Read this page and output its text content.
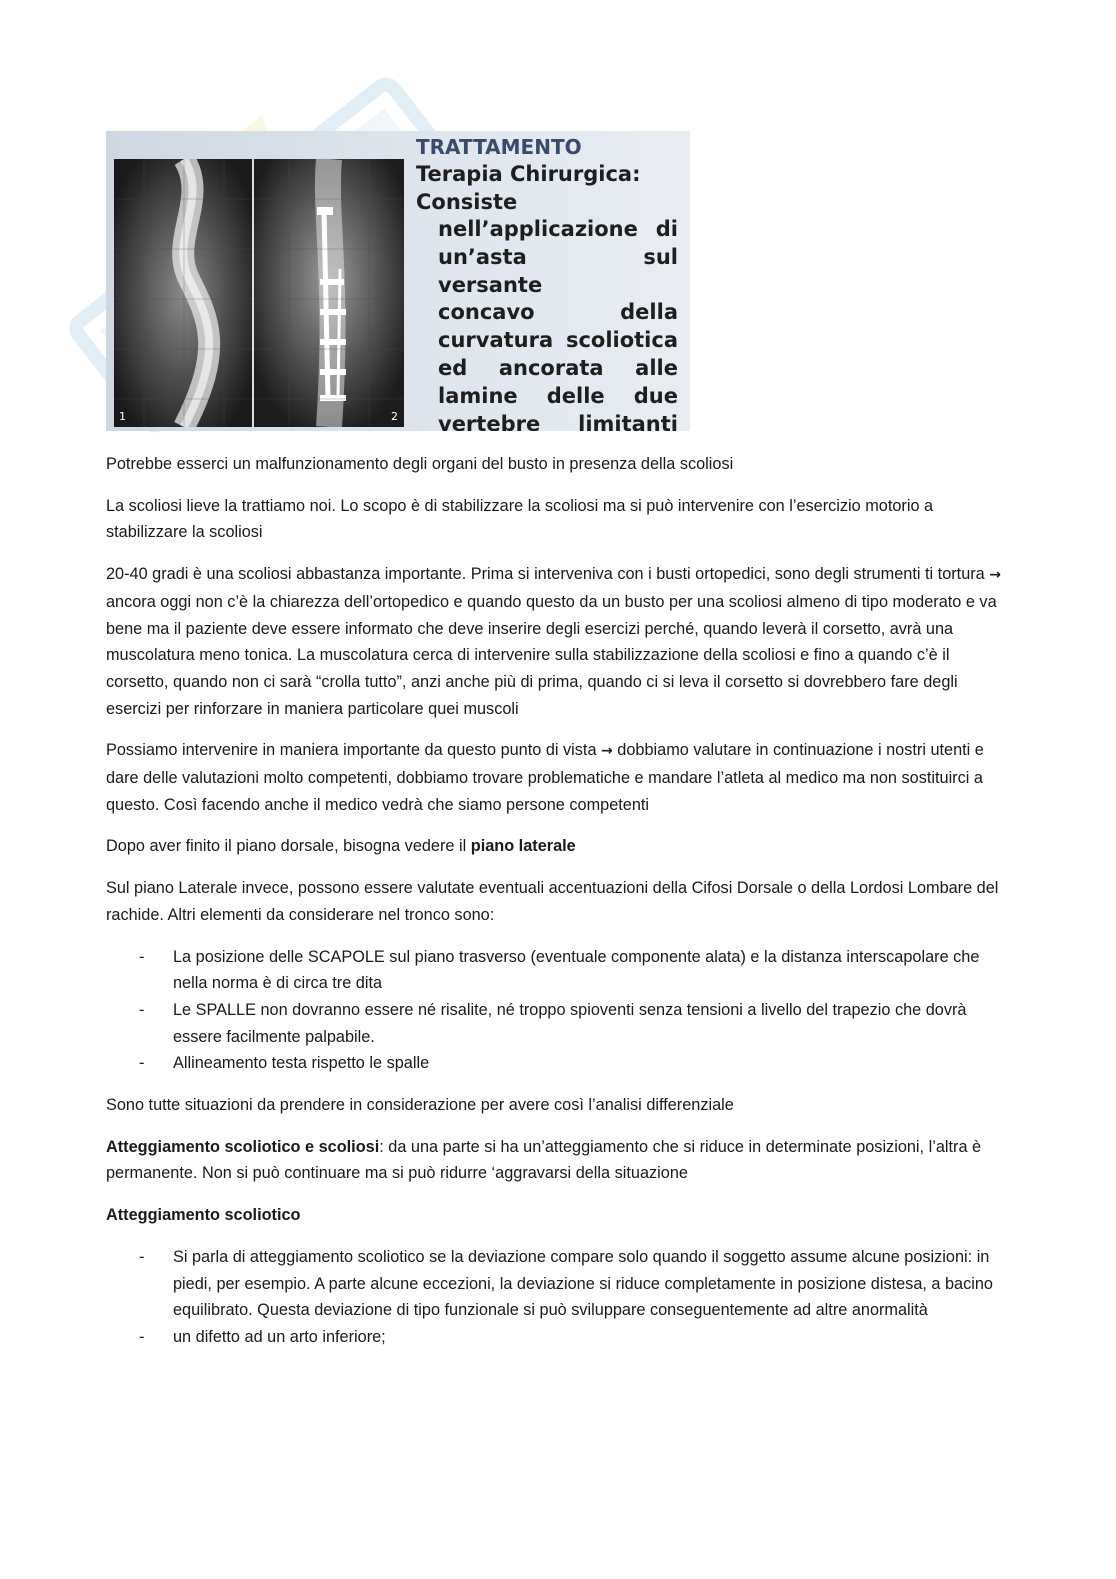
1	2

TRATTAMENTO

Terapia Chirurgica:

Consiste

nell’applicazione di
un’asta sul versante
concavo della
curvatura scoliotica
ed ancorata alle
lamine delle due
vertebre limitanti

Potrebbe esserci un malfunzionamento degli organi del busto in presenza della scoliosi

La scoliosi lieve la trattiamo noi. Lo scopo è di stabilizzare la scoliosi ma si può intervenire con l’esercizio motorio a stabilizzare la scoliosi

20-40 gradi è una scoliosi abbastanza importante. Prima si interveniva con i busti ortopedici, sono degli strumenti ti tortura → ancora oggi non c’è la chiarezza dell’ortopedico e quando questo da un busto per una scoliosi almeno di tipo moderato e va bene ma il paziente deve essere informato che deve inserire degli esercizi perché, quando leverà il corsetto, avrà una muscolatura meno tonica. La muscolatura cerca di intervenire sulla stabilizzazione della scoliosi e fino a quando c’è il corsetto, quando non ci sarà “crolla tutto”, anzi anche più di prima, quando ci si leva il corsetto si dovrebbero fare degli esercizi per rinforzare in maniera particolare quei muscoli

Possiamo intervenire in maniera importante da questo punto di vista → dobbiamo valutare in continuazione i nostri utenti e dare delle valutazioni molto competenti, dobbiamo trovare problematiche e mandare l’atleta al medico ma non sostituirci a questo. Così facendo anche il medico vedrà che siamo persone competenti

Dopo aver finito il piano dorsale, bisogna vedere il piano laterale

Sul piano Laterale invece, possono essere valutate eventuali accentuazioni della Cifosi Dorsale o della Lordosi Lombare del rachide. Altri elementi da considerare nel tronco sono:

- La posizione delle SCAPOLE sul piano trasverso (eventuale componente alata) e la distanza interscapolare che nella norma è di circa tre dita
- Le SPALLE non dovranno essere né risalite, né troppo spioventi senza tensioni a livello del trapezio che dovrà essere facilmente palpabile.
- Allineamento testa rispetto le spalle

Sono tutte situazioni da prendere in considerazione per avere così l’analisi differenziale

Atteggiamento scoliotico e scoliosi: da una parte si ha un’atteggiamento che si riduce in determinate posizioni, l’altra è permanente. Non si può continuare ma si può ridurre ‘aggravarsi della situazione

Atteggiamento scoliotico

- Si parla di atteggiamento scoliotico se la deviazione compare solo quando il soggetto assume alcune posizioni: in piedi, per esempio. A parte alcune eccezioni, la deviazione si riduce completamente in posizione distesa, a bacino equilibrato. Questa deviazione di tipo funzionale si può sviluppare conseguentemente ad altre anormalità
- un difetto ad un arto inferiore;
